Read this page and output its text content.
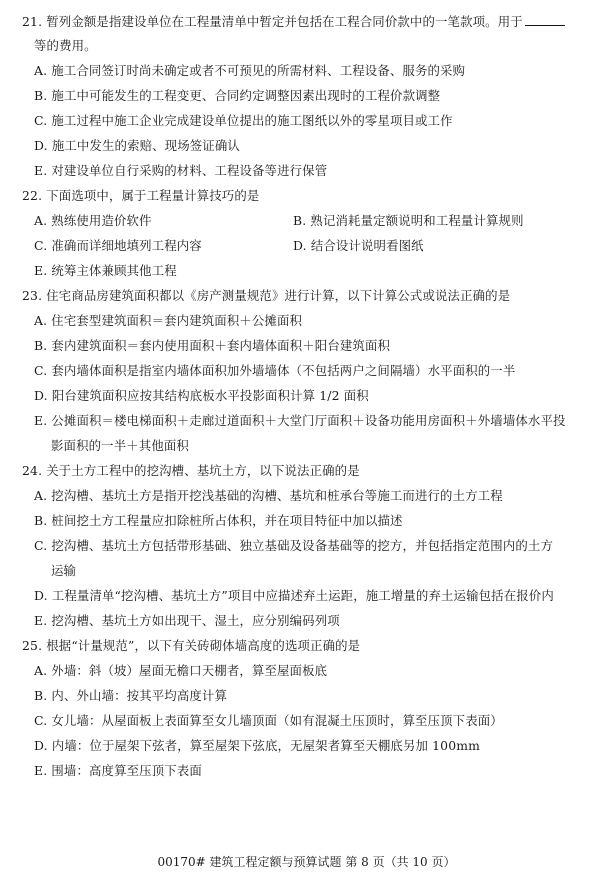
21. 暂列金额是指建设单位在工程量清单中暂定并包括在工程合同价款中的一笔款项。用于
等的费用。
A. 施工合同签订时尚未确定或者不可预见的所需材料、工程设备、服务的采购
B. 施工中可能发生的工程变更、合同约定调整因素出现时的工程价款调整
C. 施工过程中施工企业完成建设单位提出的施工图纸以外的零星项目或工作
D. 施工中发生的索赔、现场签证确认
E. 对建设单位自行采购的材料、工程设备等进行保管
22. 下面选项中，属于工程量计算技巧的是
A. 熟练使用造价软件	B. 熟记消耗量定额说明和工程量计算规则
C. 准确而详细地填列工程内容	D. 结合设计说明看图纸
E. 统筹主体兼顾其他工程
23. 住宅商品房建筑面积都以《房产测量规范》进行计算，以下计算公式或说法正确的是
A. 住宅套型建筑面积＝套内建筑面积＋公摊面积
B. 套内建筑面积＝套内使用面积＋套内墙体面积＋阳台建筑面积
C. 套内墙体面积是指室内墙体面积加外墙墙体（不包括两户之间隔墙）水平面积的一半
D. 阳台建筑面积应按其结构底板水平投影面积计算 1/2 面积
E. 公摊面积＝楼电梯面积＋走廊过道面积＋大堂门厅面积＋设备功能用房面积＋外墙墙体水平投
影面积的一半＋其他面积
24. 关于土方工程中的挖沟槽、基坑土方，以下说法正确的是
A. 挖沟槽、基坑土方是指开挖浅基础的沟槽、基坑和桩承台等施工而进行的土方工程
B. 桩间挖土方工程量应扣除桩所占体积，并在项目特征中加以描述
C. 挖沟槽、基坑土方包括带形基础、独立基础及设备基础等的挖方，并包括指定范围内的土方
运输
D. 工程量清单“挖沟槽、基坑土方”项目中应描述弃土运距，施工增量的弃土运输包括在报价内
E. 挖沟槽、基坑土方如出现干、湿土，应分别编码列项
25. 根据“计量规范”，以下有关砖砌体墙高度的选项正确的是
A. 外墙：斜（坡）屋面无檐口天棚者，算至屋面板底
B. 内、外山墙：按其平均高度计算
C. 女儿墙：从屋面板上表面算至女儿墙顶面（如有混凝土压顶时，算至压顶下表面）
D. 内墙：位于屋架下弦者，算至屋架下弦底，无屋架者算至天棚底另加 100mm
E. 围墙：高度算至压顶下表面
00170# 建筑工程定额与预算试题 第 8 页（共 10 页）
